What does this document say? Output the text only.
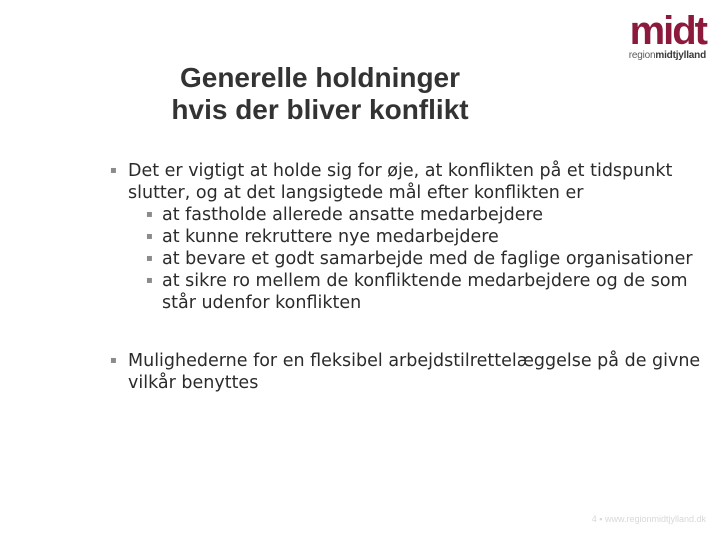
midt
regionmidtjylland
Generelle holdninger
hvis der bliver konflikt
▪ Det er vigtigt at holde sig for øje, at konflikten på et tidspunkt slutter, og at det langsigtede mål efter konflikten er
▪ at fastholde allerede ansatte medarbejdere
▪ at kunne rekruttere nye medarbejdere
▪ at bevare et godt samarbejde med de faglige organisationer
▪ at sikre ro mellem de konfliktende medarbejdere og de som står udenfor konflikten
▪ Mulighederne for en fleksibel arbejdstilrettelæggelse på de givne vilkår benyttes
4 ▪ www.regionmidtjylland.dk
